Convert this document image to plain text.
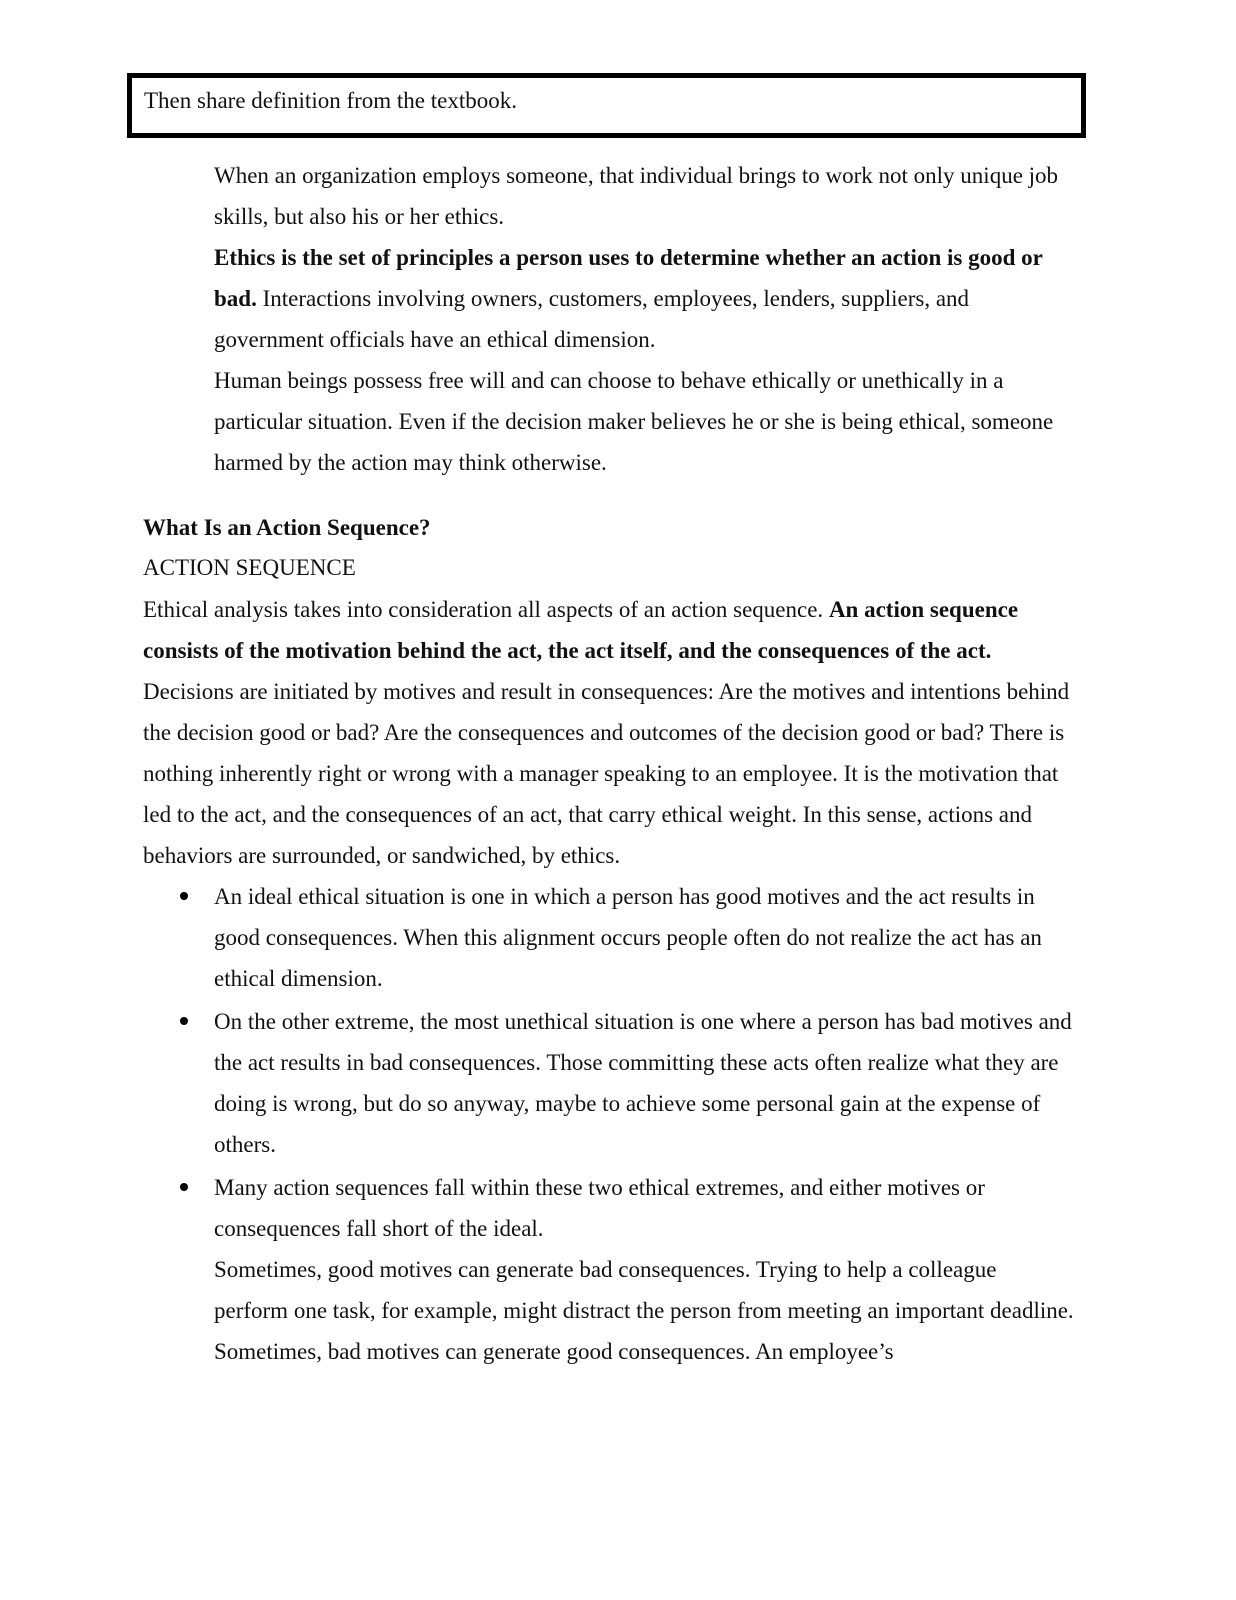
Then share definition from the textbook.

When an organization employs someone, that individual brings to work not only unique job skills, but also his or her ethics.

Ethics is the set of principles a person uses to determine whether an action is good or bad. Interactions involving owners, customers, employees, lenders, suppliers, and government officials have an ethical dimension.

Human beings possess free will and can choose to behave ethically or unethically in a particular situation. Even if the decision maker believes he or she is being ethical, someone harmed by the action may think otherwise.

What Is an Action Sequence?
ACTION SEQUENCE

Ethical analysis takes into consideration all aspects of an action sequence. An action sequence consists of the motivation behind the act, the act itself, and the consequences of the act. Decisions are initiated by motives and result in consequences: Are the motives and intentions behind the decision good or bad? Are the consequences and outcomes of the decision good or bad? There is nothing inherently right or wrong with a manager speaking to an employee. It is the motivation that led to the act, and the consequences of an act, that carry ethical weight. In this sense, actions and behaviors are surrounded, or sandwiched, by ethics.

An ideal ethical situation is one in which a person has good motives and the act results in good consequences. When this alignment occurs people often do not realize the act has an ethical dimension.
On the other extreme, the most unethical situation is one where a person has bad motives and the act results in bad consequences. Those committing these acts often realize what they are doing is wrong, but do so anyway, maybe to achieve some personal gain at the expense of others.
Many action sequences fall within these two ethical extremes, and either motives or consequences fall short of the ideal.

Sometimes, good motives can generate bad consequences. Trying to help a colleague perform one task, for example, might distract the person from meeting an important deadline. Sometimes, bad motives can generate good consequences. An employee’s
